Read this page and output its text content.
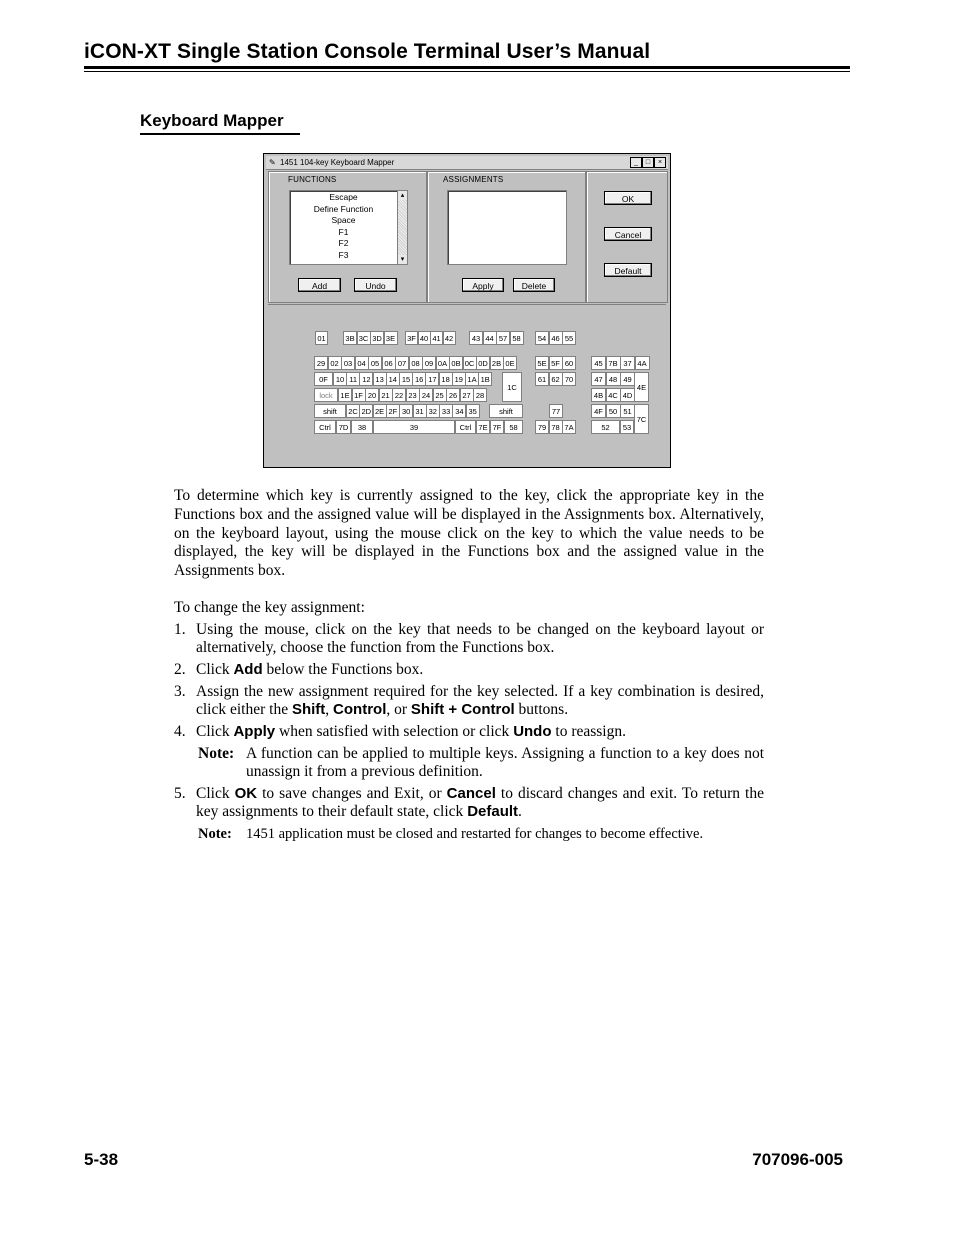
iCON-XT Single Station Console Terminal User’s Manual
Keyboard Mapper
✎ 1451 104-key Keyboard Mapper	_	□	×
FUNCTIONS
Escape
Define Function
Space
F1
F2
F3
▴
▾
Add	Undo
ASSIGNMENTS
Apply	Delete
OK
Cancel
Default
01	3B 3C 3D 3E	3F 40 41 42	43 44 57 58	54 46 55
29 02 03 04 05 06 07 08 09 0A 0B 0C 0D 2B 0E
0F	10 11 12 13 14 15 16 17 18 19 1A 1B
1C
lock	1E 1F 20 21 22 23 24 25 26 27 28
shift	2C 2D 2E 2F 30 31 32 33 34 35	shift
Ctrl	7D	38	39	Ctrl 7E 7F	58
5E 5F 60
61 62 70
77
79 78 7A
45 7B 37 4A
47 48 49
4B 4C 4D
4E
4F 50 51
7C
52	53
To determine which key is currently assigned to the key, click the appropriate key in the Functions box and the assigned value will be displayed in the Assignments box. Alternatively, on the keyboard layout, using the mouse click on the key to which the value needs to be displayed, the key will be displayed in the Functions box and the assigned value in the Assignments box.
To change the key assignment:
1. Using the mouse, click on the key that needs to be changed on the keyboard layout or alternatively, choose the function from the Functions box.
2. Click Add below the Functions box.
3. Assign the new assignment required for the key selected. If a key combination is desired, click either the Shift, Control, or Shift + Control buttons.
4. Click Apply when satisfied with selection or click Undo to reassign.
Note: A function can be applied to multiple keys. Assigning a function to a key does not unassign it from a previous definition.
5. Click OK to save changes and Exit, or Cancel to discard changes and exit. To return the key assignments to their default state, click Default.
Note: 1451 application must be closed and restarted for changes to become effective.
5-38	707096-005
